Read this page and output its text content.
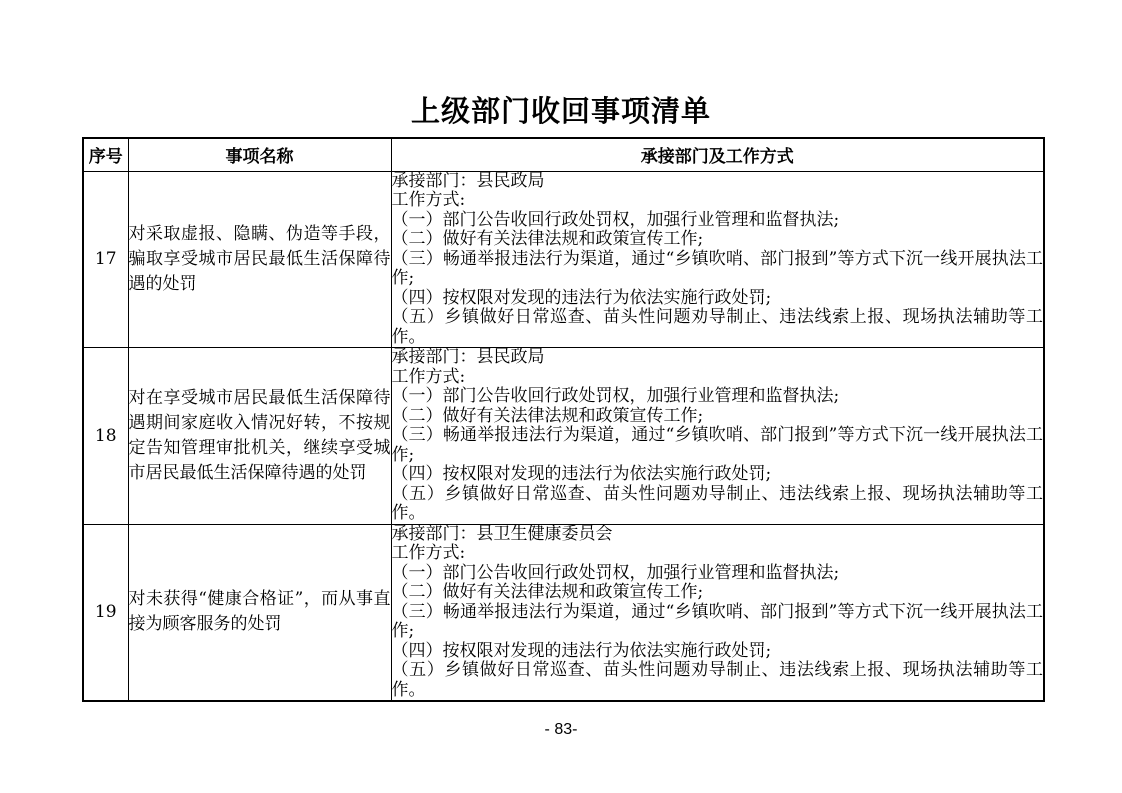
上级部门收回事项清单
序号	事项名称	承接部门及工作方式
17	对采取虚报、隐瞒、伪造等手段，骗取享受城市居民最低生活保障待遇的处罚	
承接部门：县民政局
工作方式:
（一）部门公告收回行政处罚权，加强行业管理和监督执法;
（二）做好有关法律法规和政策宣传工作;
（三）畅通举报违法行为渠道，通过“乡镇吹哨、部门报到”等方式下沉一线开展执法工作;
（四）按权限对发现的违法行为依法实施行政处罚;
（五）乡镇做好日常巡查、苗头性问题劝导制止、违法线索上报、现场执法辅助等工作。

18	对在享受城市居民最低生活保障待遇期间家庭收入情况好转，不按规定告知管理审批机关，继续享受城市居民最低生活保障待遇的处罚	
承接部门：县民政局
工作方式:
（一）部门公告收回行政处罚权，加强行业管理和监督执法;
（二）做好有关法律法规和政策宣传工作;
（三）畅通举报违法行为渠道，通过“乡镇吹哨、部门报到”等方式下沉一线开展执法工作;
（四）按权限对发现的违法行为依法实施行政处罚;
（五）乡镇做好日常巡查、苗头性问题劝导制止、违法线索上报、现场执法辅助等工作。

19	对未获得“健康合格证”，而从事直接为顾客服务的处罚	
承接部门：县卫生健康委员会
工作方式:
（一）部门公告收回行政处罚权，加强行业管理和监督执法;
（二）做好有关法律法规和政策宣传工作;
（三）畅通举报违法行为渠道，通过“乡镇吹哨、部门报到”等方式下沉一线开展执法工作;
（四）按权限对发现的违法行为依法实施行政处罚;
（五）乡镇做好日常巡查、苗头性问题劝导制止、违法线索上报、现场执法辅助等工作。
- 83-
